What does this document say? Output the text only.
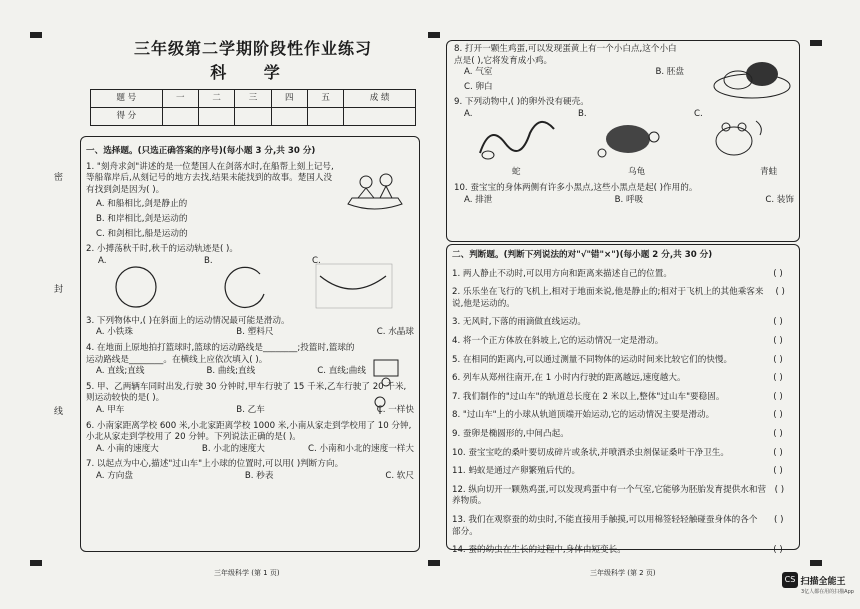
密
封
线
三年级第二学期阶段性作业练习
科 学
题 号	一	二	三	四	五	成 绩
得 分						
一、选择题。(只选正确答案的序号)(每小题 3 分,共 30 分)
1. "刻舟求剑"讲述的是一位楚国人在剑落水时,在船帮上刻上记号,等船靠岸后,从刻记号的地方去找,结果未能找到的故事。楚国人没有找到剑是因为( )。
A. 和船相比,剑是静止的
B. 和岸相比,剑是运动的
C. 和剑相比,船是运动的
2. 小搏荡秋千时,秋千的运动轨迹是( )。
A.	B.	C.
3. 下列物体中,( )在斜面上的运动情况最可能是滑动。
A. 小铁珠	B. 塑料尺	C. 水晶球
4. 在地面上原地拍打篮球时,篮球的运动路线是________;投篮时,篮球的运动路线是________。在横线上应依次填入( )。
A. 直线;直线	B. 曲线;直线	C. 直线;曲线
5. 甲、乙两辆车同时出发,行驶 30 分钟时,甲车行驶了 15 千米,乙车行驶了 20 千米,则运动较快的是( )。
A. 甲车	B. 乙车	C. 一样快
6. 小南家距离学校 600 米,小北家距离学校 1000 米,小南从家走到学校用了 10 分钟,小北从家走到学校用了 20 分钟。下列说法正确的是( )。
A. 小南的速度大	B. 小北的速度大	C. 小南和小北的速度一样大
7. 以起点为中心,描述"过山车"上小球的位置时,可以用( )判断方向。
A. 方向盘	B. 秒表	C. 软尺
三年级科学 (第 1 页)
8. 打开一颗生鸡蛋,可以发现蛋黄上有一个小白点,这个小白点是( ),它将发育成小鸡。
A. 气室	B. 胚盘
C. 卵白
9. 下列动物中,( )的卵外没有硬壳。
A.	B.	C.
蛇	乌龟	青蛙
10. 蚕宝宝的身体两侧有许多小黑点,这些小黑点是起( )作用的。
A. 排泄	B. 呼吸	C. 装饰
二、判断题。(判断下列说法的对"√"错"×")(每小题 2 分,共 30 分)
1. 两人静止不动时,可以用方向和距离来描述自己的位置。	( )
2. 乐乐坐在飞行的飞机上,相对于地面来说,他是静止的;相对于飞机上的其他乘客来说,他是运动的。
( )
3. 无风时,下落的雨滴做直线运动。	( )
4. 将一个正方体放在斜坡上,它的运动情况一定是滑动。	( )
5. 在相同的距离内,可以通过测量不同物体的运动时间来比较它们的快慢。	( )
6. 列车从郑州往南开,在 1 小时内行驶的距离越远,速度越大。	( )
7. 我们制作的"过山车"的轨道总长度在 2 米以上,整体"过山车"要稳固。	( )
8. "过山车"上的小球从轨道顶端开始运动,它的运动情况主要是滑动。	( )
9. 蚕卵是椭圆形的,中间凸起。	( )
10. 蚕宝宝吃的桑叶要切成碎片或条状,并喷洒杀虫剂保证桑叶干净卫生。	( )
11. 蚂蚁是通过产卵繁殖后代的。	( )
12. 纵向切开一颗熟鸡蛋,可以发现鸡蛋中有一个气室,它能够为胚胎发育提供水和营养物质。
( )
13. 我们在观察蚕的幼虫时,不能直接用手触摸,可以用棉签轻轻触碰蚕身体的各个部分。
( )
14. 蚕的幼虫在生长的过程中,身体由短变长。	( )
三年级科学 (第 2 页)
CS 扫描全能王
3亿人都在用的扫描App
